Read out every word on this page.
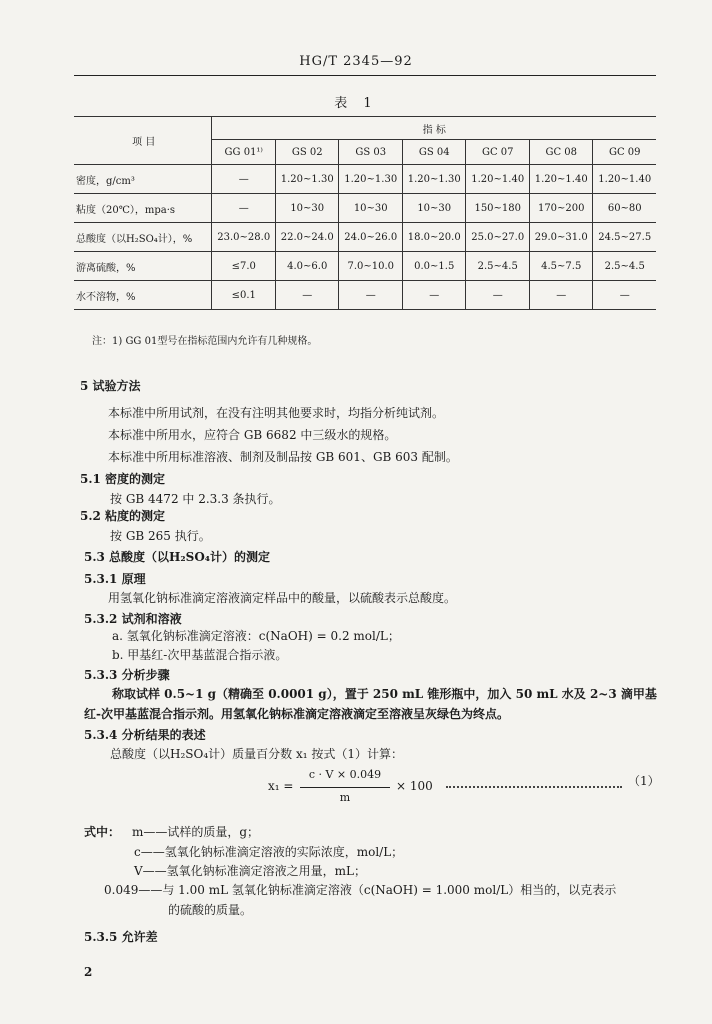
HG/T 2345—92
表 1
项 目	指 标						
	GG 01¹⁾	GS 02	GS 03	GS 04	GC 07	GC 08	GC 09
密度，g/cm³	—	1.20~1.30	1.20~1.30	1.20~1.30	1.20~1.40	1.20~1.40	1.20~1.40
粘度（20℃），mpa·s	—	10~30	10~30	10~30	150~180	170~200	60~80
总酸度（以H₂SO₄计），%	23.0~28.0	22.0~24.0	24.0~26.0	18.0~20.0	25.0~27.0	29.0~31.0	24.5~27.5
游离硫酸，%	≤7.0	4.0~6.0	7.0~10.0	0.0~1.5	2.5~4.5	4.5~7.5	2.5~4.5
水不溶物，%	≤0.1	—	—	—	—	—	—
注：1) GG 01型号在指标范围内允许有几种规格。
5 试验方法
本标准中所用试剂，在没有注明其他要求时，均指分析纯试剂。
本标准中所用水，应符合 GB 6682 中三级水的规格。
本标准中所用标准溶液、制剂及制品按 GB 601、GB 603 配制。
5.1 密度的测定
按 GB 4472 中 2.3.3 条执行。
5.2 粘度的测定
按 GB 265 执行。
5.3 总酸度（以H₂SO₄计）的测定
5.3.1 原理
用氢氧化钠标准滴定溶液滴定样品中的酸量，以硫酸表示总酸度。
5.3.2 试剂和溶液
a. 氢氧化钠标准滴定溶液：c(NaOH) = 0.2 mol/L；
b. 甲基红-次甲基蓝混合指示液。
5.3.3 分析步骤
称取试样 0.5~1 g（精确至 0.0001 g），置于 250 mL 锥形瓶中，加入 50 mL 水及 2~3 滴甲基
红-次甲基蓝混合指示剂。用氢氧化钠标准滴定溶液滴定至溶液呈灰绿色为终点。
5.3.4 分析结果的表述
总酸度（以H₂SO₄计）质量百分数 x₁ 按式（1）计算：
x₁ =
c · V × 0.049
m
× 100	（1）
式中： m——试样的质量，g；
c——氢氧化钠标准滴定溶液的实际浓度，mol/L；
V——氢氧化钠标准滴定溶液之用量，mL；
0.049——与 1.00 mL 氢氧化钠标准滴定溶液（c(NaOH) = 1.000 mol/L）相当的，以克表示
的硫酸的质量。
5.3.5 允许差
2
